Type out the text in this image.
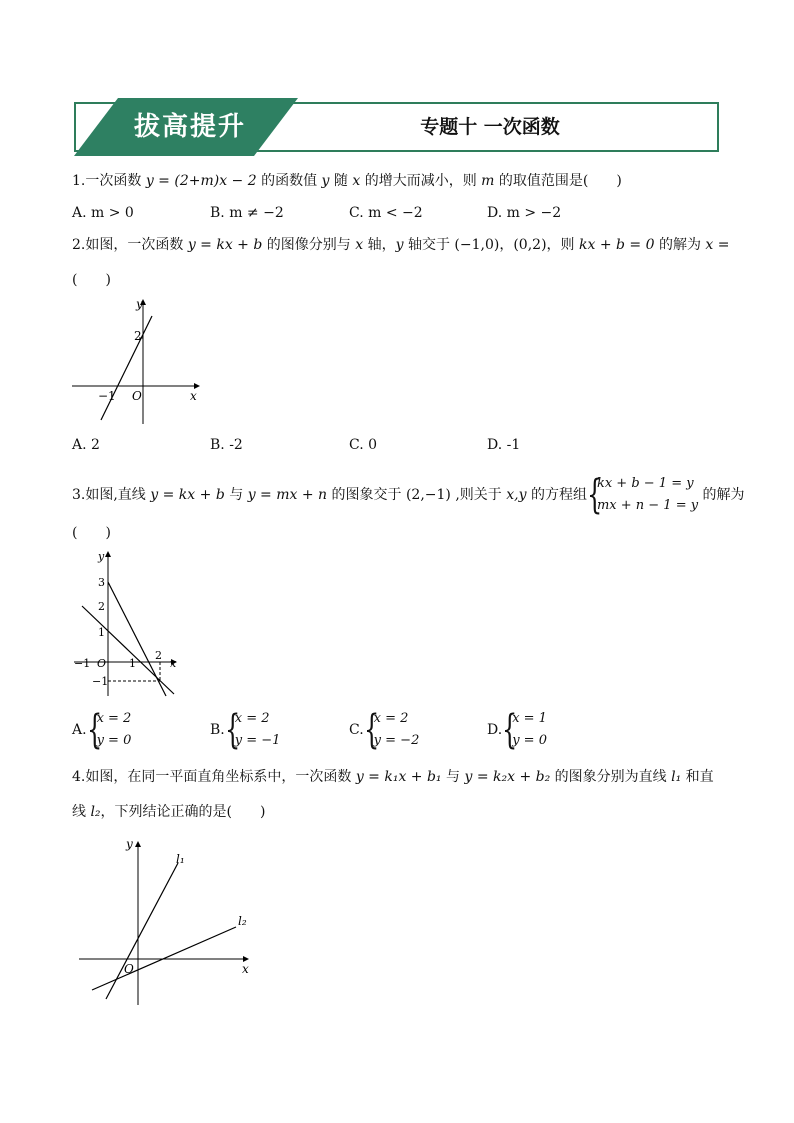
拔高提升	专题十 一次函数
1.一次函数 y = (2+m)x − 2 的函数值 y 随 x 的增大而减小，则 m 的取值范围是(　　)
A. m > 0	B. m ≠ −2	C. m < −2	D. m > −2
2.如图，一次函数 y = kx + b 的图像分别与 x 轴，y 轴交于 (−1,0)，(0,2)，则 kx + b = 0 的解为 x =
(　　)
y
x
2
−1 O
A. 2	B. -2	C. 0	D. -1
3.如图,直线 y = kx + b 与 y = mx + n 的图象交于 (2,−1) ,则关于 x,y 的方程组 {
kx + b − 1 = y
mx + n − 1 = y
的解为
(　　)
y
x
3
2
1
−1
−1 O 1
2
A. {
x = 2
y = 0
B. {
x = 2
y = −1
C. {
x = 2
y = −2
D. {
x = 1
y = 0
4.如图，在同一平面直角坐标系中，一次函数 y = k₁x + b₁ 与 y = k₂x + b₂ 的图象分别为直线 l₁ 和直
线 l₂，下列结论正确的是(　　)
y
x
O
l₁
l₂
